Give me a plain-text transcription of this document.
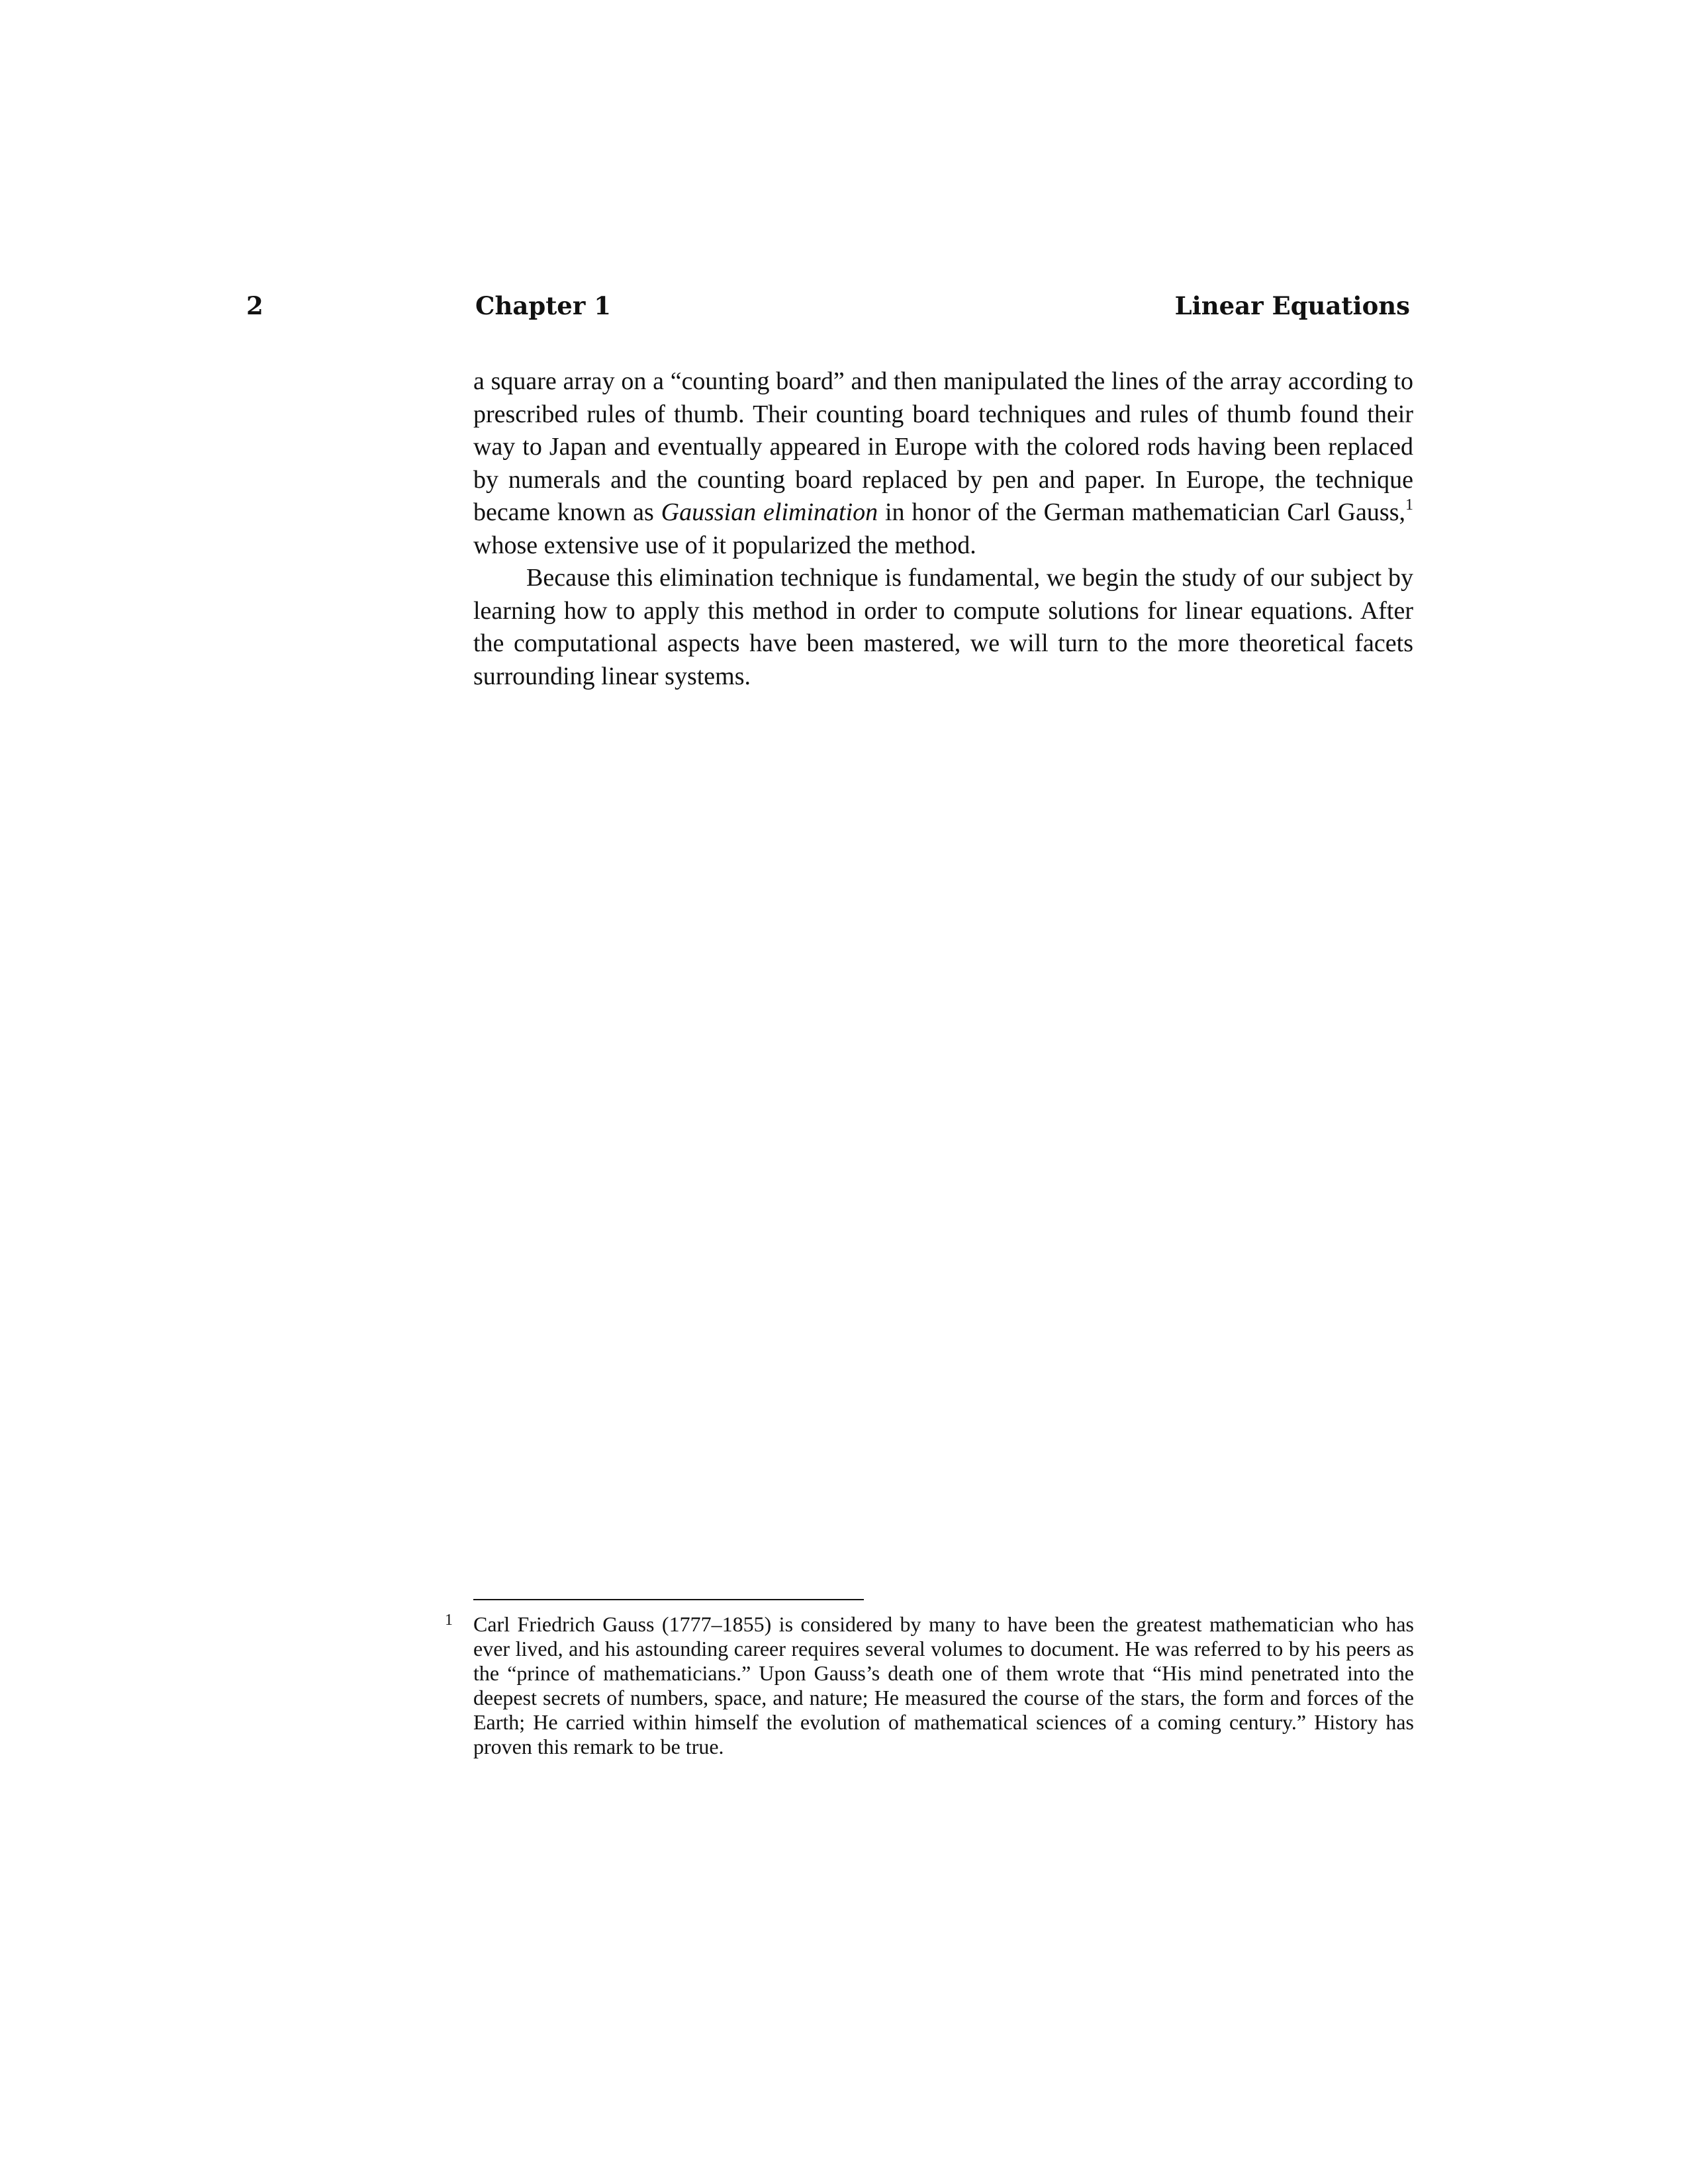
2	Chapter 1	Linear Equations

a square array on a “counting board” and then manipulated the lines of the array according to prescribed rules of thumb. Their counting board techniques and rules of thumb found their way to Japan and eventually appeared in Europe with the colored rods having been replaced by numerals and the counting board replaced by pen and paper. In Europe, the technique became known as Gaussian elimination in honor of the German mathematician Carl Gauss,$^1$ whose extensive use of it popularized the method.

Because this elimination technique is fundamental, we begin the study of our subject by learning how to apply this method in order to compute solutions for linear equations. After the computational aspects have been mastered, we will turn to the more theoretical facets surrounding linear systems.

1 Carl Friedrich Gauss (1777–1855) is considered by many to have been the greatest mathematician who has ever lived, and his astounding career requires several volumes to document. He was referred to by his peers as the “prince of mathematicians.” Upon Gauss’s death one of them wrote that “His mind penetrated into the deepest secrets of numbers, space, and nature; He measured the course of the stars, the form and forces of the Earth; He carried within himself the evolution of mathematical sciences of a coming century.” History has proven this remark to be true.
